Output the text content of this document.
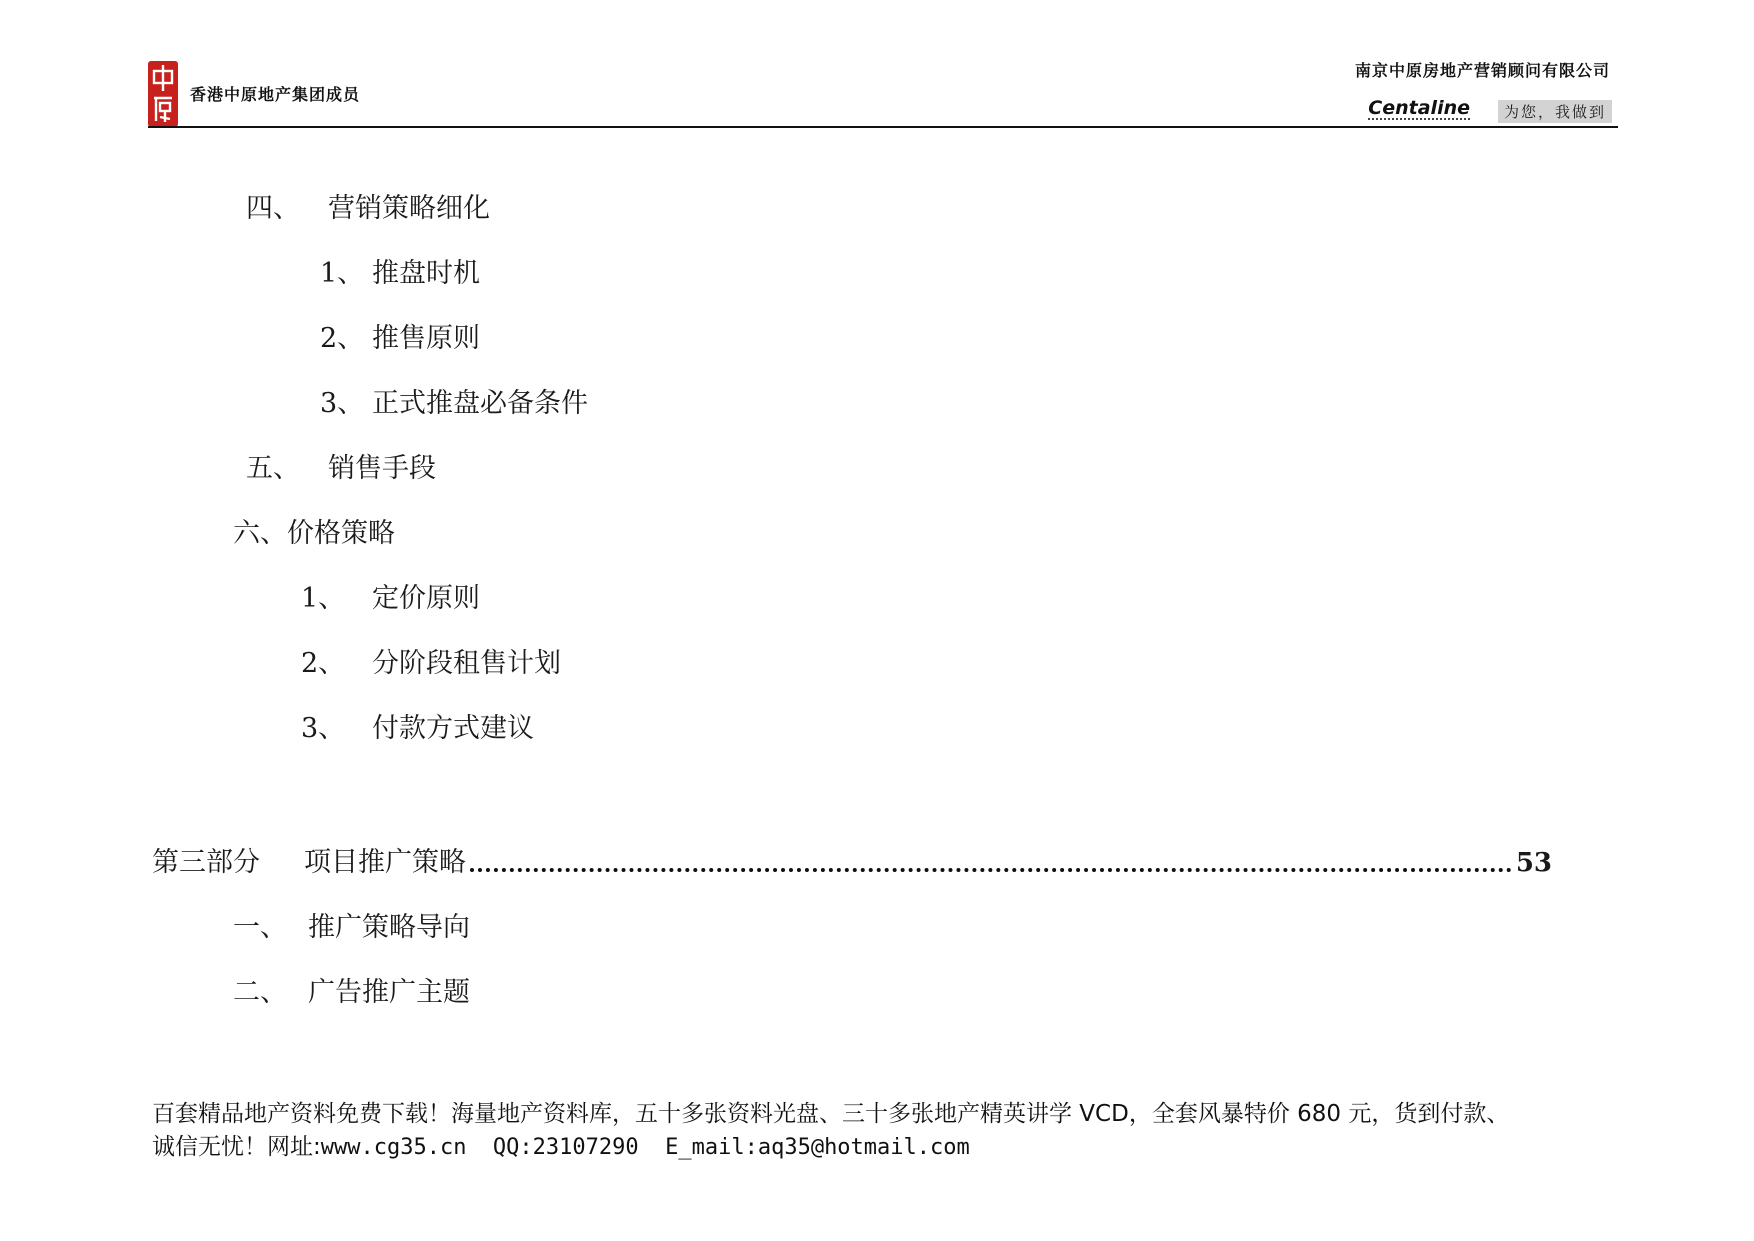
香港中原地产集团成员
南京中原房地产营销顾问有限公司
Centaline	为您，我做到
四、 营销策略细化
1、 推盘时机
2、 推售原则
3、 正式推盘必备条件
五、 销售手段
六、价格策略
1、 定价原则
2、 分阶段租售计划
3、 付款方式建议
第三部分 项目推广策略	53
一、 推广策略导向
二、 广告推广主题
百套精品地产资料免费下载！海量地产资料库，五十多张资料光盘、三十多张地产精英讲学 VCD，全套风暴特价 680 元，货到付款、
诚信无忧！网址:www.cg35.cn  QQ:23107290  E_mail:aq35@hotmail.com
